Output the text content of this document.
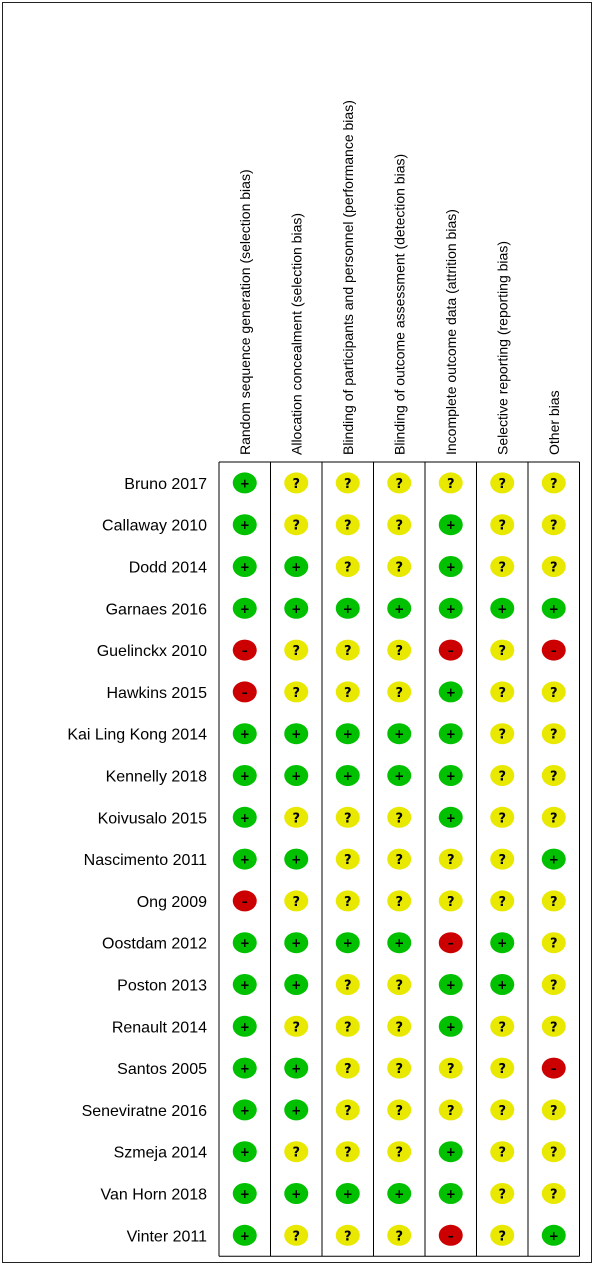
Random sequence generation (selection bias)	Allocation concealment (selection bias)	Blinding of participants and personnel (performance bias)	Blinding of outcome assessment (detection bias)	Incomplete outcome data (attrition bias)	Selective reporting (reporting bias)	Other bias
Bruno 2017	+	?	?	?	?	?	?
Callaway 2010	+	?	?	?	+	?	?
Dodd 2014	+	+	?	?	+	?	?
Garnaes 2016	+	+	+	+	+	+	+
Guelinckx 2010	–	?	?	?	–	?	–
Hawkins 2015	–	?	?	?	+	?	?
Kai Ling Kong 2014	+	+	+	+	+	?	?
Kennelly 2018	+	+	+	+	+	?	?
Koivusalo 2015	+	?	?	?	+	?	?
Nascimento 2011	+	+	?	?	?	?	+
Ong 2009	–	?	?	?	?	?	?
Oostdam 2012	+	+	+	+	–	+	?
Poston 2013	+	+	?	?	+	+	?
Renault 2014	+	?	?	?	+	?	?
Santos 2005	+	+	?	?	?	?	–
Seneviratne 2016	+	+	?	?	?	?	?
Szmeja 2014	+	?	?	?	+	?	?
Van Horn 2018	+	+	+	+	+	?	?
Vinter 2011	+	?	?	?	–	?	+
